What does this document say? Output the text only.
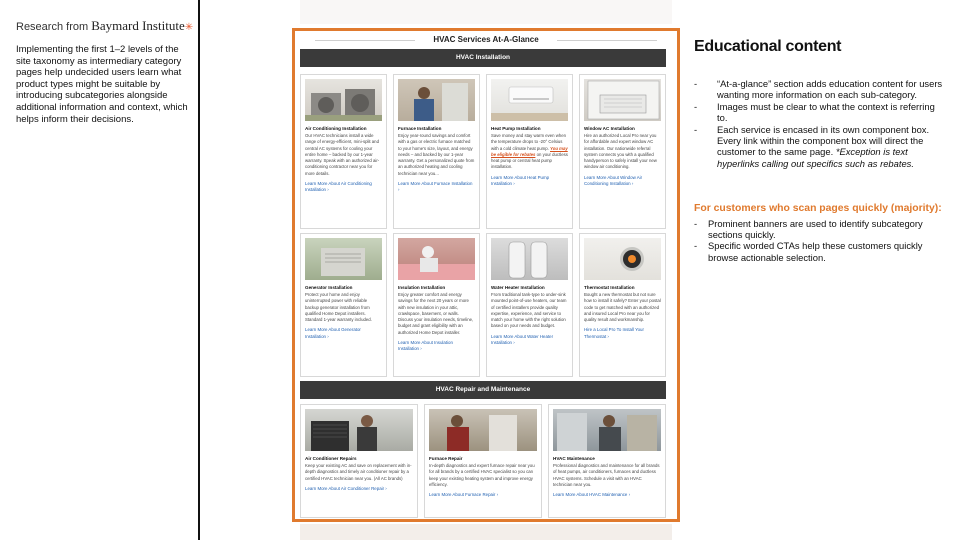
Research from Baymard Institute✳
Implementing the first 1–2 levels of the site taxonomy as intermediary category pages help undecided users learn what product types might be suitable by introducing subcategories alongside additional information and context, which helps inform their decisions.
HVAC Services At-A-Glance
HVAC Installation
Air Conditioning Installation

Our HVAC technicians install a wide range of energy-efficient, mini-split and central AC systems for cooling your entire home – backed by our 1-year warranty. Speak with an authorized air-conditioning contractor near you for more details.

Learn More About Air Conditioning Installation ›
Furnace Installation

Enjoy year-round savings and comfort with a gas or electric furnace matched to your home's size, layout, and energy needs – and backed by our 1-year warranty. Get a personalized quote from an authorized heating and cooling technician near you...

Learn More About Furnace Installation ›
Heat Pump Installation

Save money and stay warm even when the temperature drops to -20° Celsius with a cold climate heat pump. You may be eligible for rebates on your ductless heat pump or central heat pump installation.

Learn More About Heat Pump Installation ›
Window AC Installation

Hire an authorized Local Pro near you for affordable and expert window AC installation. Our nationwide referral system connects you with a qualified handyperson to safely install your new window air conditioning.

Learn More About Window Air Conditioning Installation ›
Generator Installation

Protect your home and enjoy uninterrupted power with reliable backup generator installation from qualified Home Depot installers. Standard 1-year warranty included.

Learn More About Generator Installation ›
Insulation Installation

Enjoy greater comfort and energy savings for the next 20 years or more with new insulation in your attic, crawlspace, basement, or walls. Discuss your insulation needs, timeline, budget and grant eligibility with an authorized Home Depot installer.

Learn More About Insulation Installation ›
Water Heater Installation

From traditional tank-type to under-sink mounted point-of-use heaters, our team of certified installers provide quality expertise, experience, and service to match your home with the right solution based on your needs and budget.

Learn More About Water Heater Installation ›
Thermostat Installation

Bought a new thermostat but not sure how to install it safely? Enter your postal code to get matched with an authorized and insured Local Pro near you for quality result and workmanship.

Hire a Local Pro To Install Your Thermostat ›
HVAC Repair and Maintenance
Air Conditioner Repairs

Keep your existing AC and save on replacement with in-depth diagnostics and timely air conditioner repair by a certified HVAC technician near you. (All AC brands)

Learn More About Air Conditioner Repair ›
Furnace Repair

In-depth diagnostics and expert furnace repair near you for all brands by a certified HVAC specialist so you can keep your existing heating system and improve energy efficiency.

Learn More About Furnace Repair ›
HVAC Maintenance

Professional diagnostics and maintenance for all brands of heat pumps, air conditioners, furnaces and ductless HVAC systems. Schedule a visit with an HVAC technician near you.

Learn More About HVAC Maintenance ›
Educational content
- “At-a-glance” section adds education content for users wanting more information on each sub-category.
- Images must be clear to what the context is referring to.
- Each service is encased in its own component box. Every link within the component box will direct the customer to the same page. *Exception is text hyperlinks calling out specifics such as rebates.
For customers who scan pages quickly (majority):
- Prominent banners are used to identify subcategory sections quickly.
- Specific worded CTAs help these customers quickly browse actionable selection.
